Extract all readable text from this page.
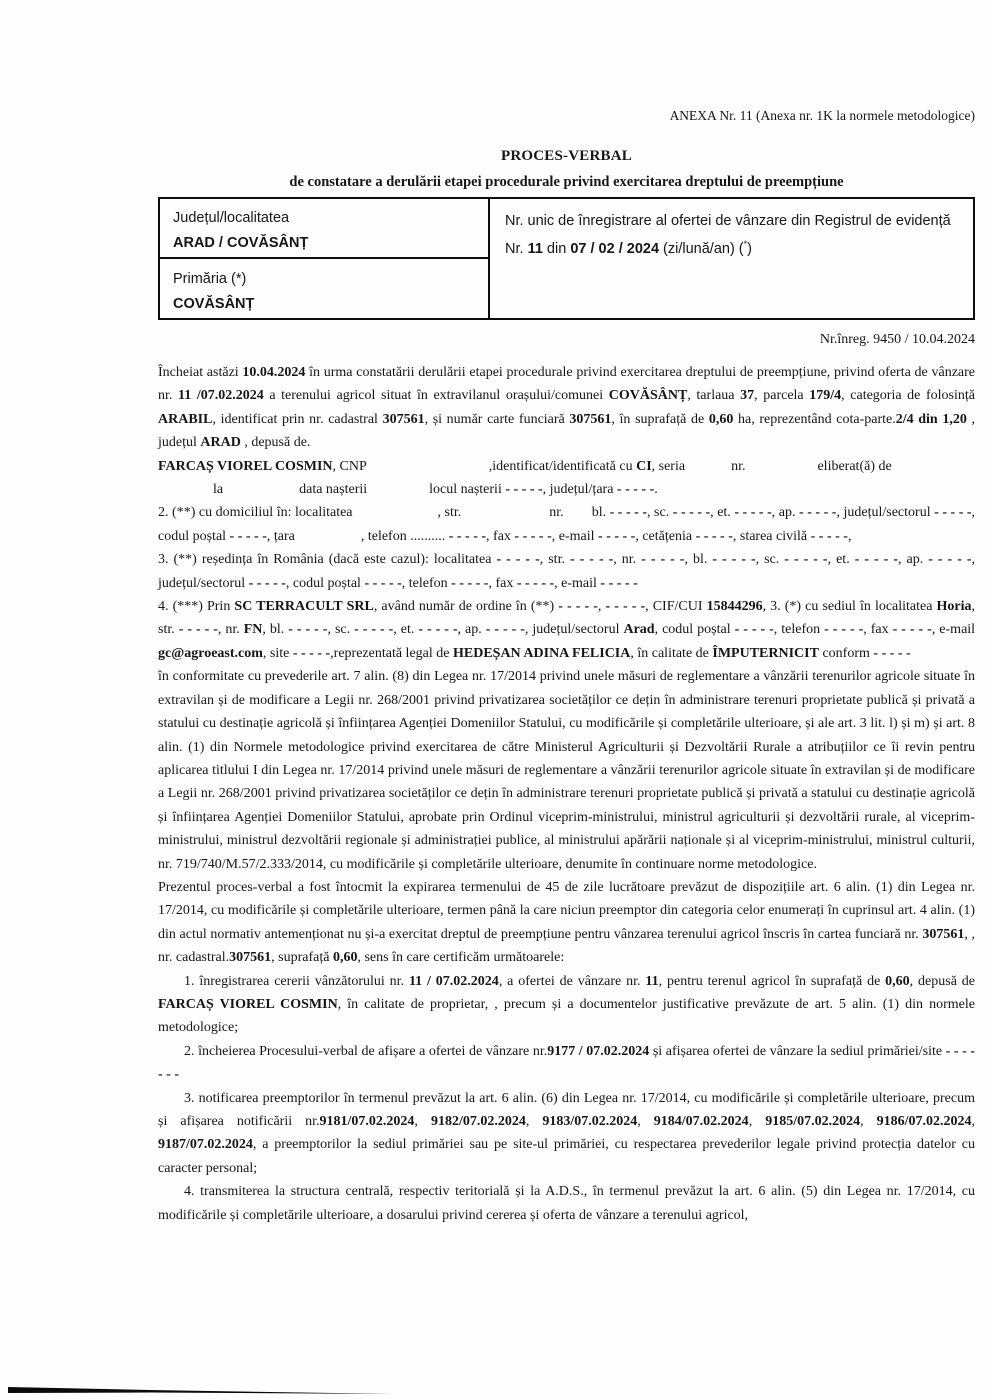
ANEXA Nr. 11 (Anexa nr. 1K la normele metodologice)
PROCES-VERBAL
de constatare a derulării etapei procedurale privind exercitarea dreptului de preempțiune
Județul/localitatea
ARAD / COVĂSÂNȚ
Primăria (*)
COVĂSÂNȚ
Nr. unic de înregistrare al ofertei de vânzare din Registrul de evidență
Nr. 11 din 07 / 02 / 2024 (zi/lună/an) (*)
Nr.înreg. 9450 / 10.04.2024

Încheiat astăzi 10.04.2024 în urma constatării derulării etapei procedurale privind exercitarea dreptului de preempțiune, privind oferta de vânzare nr. 11 /07.02.2024 a terenului agricol situat în extravilanul orașului/comunei COVĂSÂNȚ, tarlaua 37, parcela 179/4, categoria de folosință ARABIL, identificat prin nr. cadastral 307561, și număr carte funciară 307561, în suprafață de 0,60 ha, reprezentând cota-parte.2/4 din 1,20 , județul ARAD , depusă de.

FARCAȘ VIOREL COSMIN, CNP	,identificat/identificată cu CI, seria	nr.	eliberat(ă) de
la	data nașterii	locul nașterii - - - - -, județul/țara - - - - -.

2. (**) cu domiciliul în: localitatea	, str.	nr. bl. - - - - -, sc. - - - - -, et. - - - - -, ap. - - - - -, județul/sectorul - - - - -, codul poștal - - - - -, țara	, telefon .......... - - - - -, fax - - - - -, e-mail - - - - -, cetățenia - - - - -, starea civilă - - - - -,

3. (**) reședința în România (dacă este cazul): localitatea - - - - -, str. - - - - -, nr. - - - - -, bl. - - - - -, sc. - - - - -, et. - - - - -, ap. - - - - -, județul/sectorul - - - - -, codul poștal - - - - -, telefon - - - - -, fax - - - - -, e-mail - - - - -

4. (***) Prin SC TERRACULT SRL, având număr de ordine în (**) - - - - -, - - - - -, CIF/CUI 15844296, 3. (*) cu sediul în localitatea Horia, str. - - - - -, nr. FN, bl. - - - - -, sc. - - - - -, et. - - - - -, ap. - - - - -, județul/sectorul Arad, codul poștal - - - - -, telefon - - - - -, fax - - - - -, e-mail gc@agroeast.com, site - - - - -,reprezentată legal de HEDEȘAN ADINA FELICIA, în calitate de ÎMPUTERNICIT conform - - - - -

în conformitate cu prevederile art. 7 alin. (8) din Legea nr. 17/2014 privind unele măsuri de reglementare a vânzării terenurilor agricole situate în extravilan și de modificare a Legii nr. 268/2001 privind privatizarea societăților ce dețin în administrare terenuri proprietate publică și privată a statului cu destinație agricolă și înființarea Agenției Domeniilor Statului, cu modificările și completările ulterioare, și ale art. 3 lit. l) și m) și art. 8 alin. (1) din Normele metodologice privind exercitarea de către Ministerul Agriculturii și Dezvoltării Rurale a atribuțiilor ce îi revin pentru aplicarea titlului I din Legea nr. 17/2014 privind unele măsuri de reglementare a vânzării terenurilor agricole situate în extravilan și de modificare a Legii nr. 268/2001 privind privatizarea societăților ce dețin în administrare terenuri proprietate publică și privată a statului cu destinație agricolă și înființarea Agenției Domeniilor Statului, aprobate prin Ordinul viceprim-ministrului, ministrul agriculturii și dezvoltării rurale, al viceprim-ministrului, ministrul dezvoltării regionale și administrației publice, al ministrului apărării naționale și al viceprim-ministrului, ministrul culturii, nr. 719/740/M.57/2.333/2014, cu modificările și completările ulterioare, denumite în continuare norme metodologice.

Prezentul proces-verbal a fost întocmit la expirarea termenului de 45 de zile lucrătoare prevăzut de dispozițiile art. 6 alin. (1) din Legea nr. 17/2014, cu modificările și completările ulterioare, termen până la care niciun preemptor din categoria celor enumerați în cuprinsul art. 4 alin. (1) din actul normativ antemenționat nu și-a exercitat dreptul de preempțiune pentru vânzarea terenului agricol înscris în cartea funciară nr. 307561, , nr. cadastral.307561, suprafață 0,60, sens în care certificăm următoarele:

1. înregistrarea cererii vânzătorului nr. 11 / 07.02.2024, a ofertei de vânzare nr. 11, pentru terenul agricol în suprafață de 0,60, depusă de FARCAȘ VIOREL COSMIN, în calitate de proprietar, , precum și a documentelor justificative prevăzute de art. 5 alin. (1) din normele metodologice;

2. încheierea Procesului-verbal de afișare a ofertei de vânzare nr.9177 / 07.02.2024 și afișarea ofertei de vânzare la sediul primăriei/site - - - - - - -

3. notificarea preemptorilor în termenul prevăzut la art. 6 alin. (6) din Legea nr. 17/2014, cu modificările și completările ulterioare, precum și afișarea notificării nr.9181/07.02.2024, 9182/07.02.2024, 9183/07.02.2024, 9184/07.02.2024, 9185/07.02.2024, 9186/07.02.2024, 9187/07.02.2024, a preemptorilor la sediul primăriei sau pe site-ul primăriei, cu respectarea prevederilor legale privind protecția datelor cu caracter personal;

4. transmiterea la structura centrală, respectiv teritorială și la A.D.S., în termenul prevăzut la art. 6 alin. (5) din Legea nr. 17/2014, cu modificările și completările ulterioare, a dosarului privind cererea și oferta de vânzare a terenului agricol,
